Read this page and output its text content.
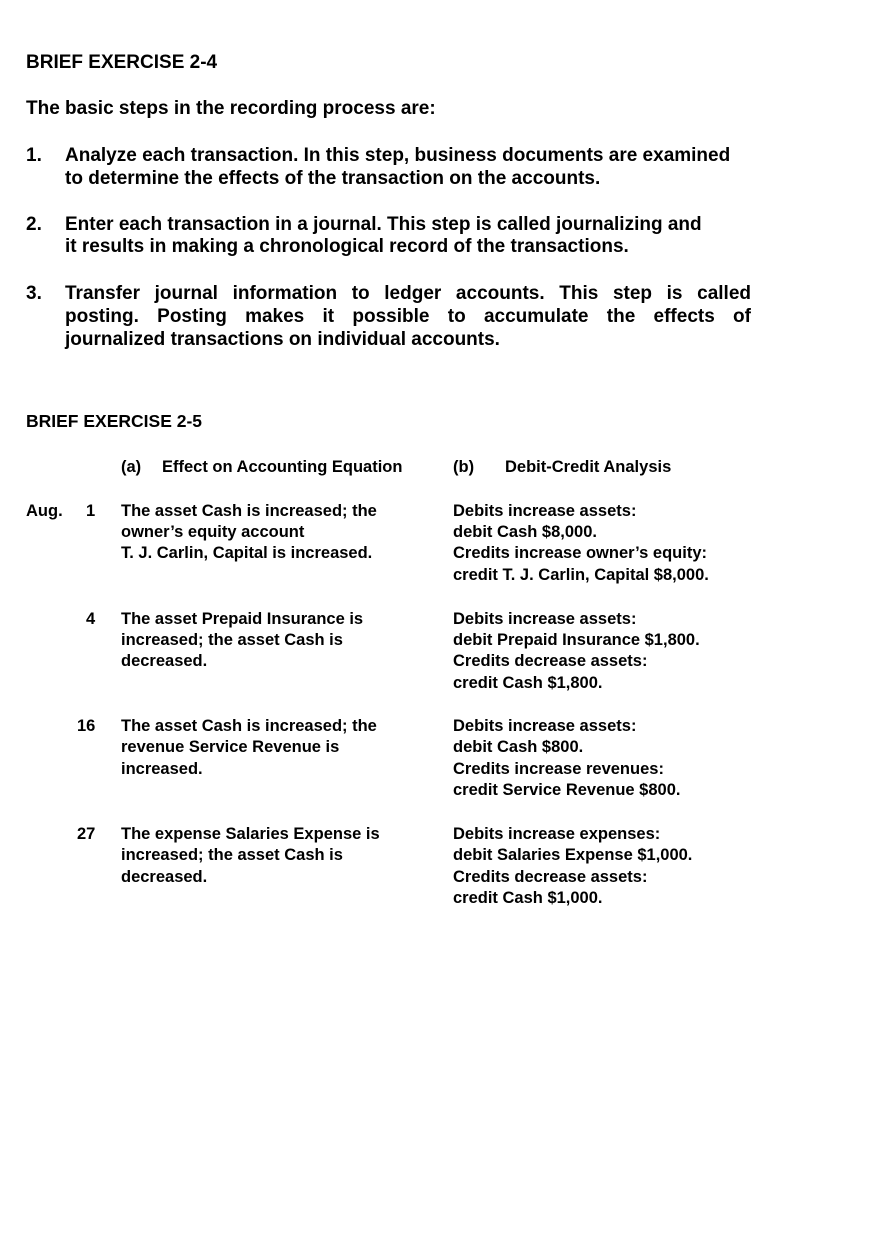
BRIEF EXERCISE 2-4
The basic steps in the recording process are:
1. Analyze each transaction. In this step, business documents are examined
to determine the effects of the transaction on the accounts.
2. Enter each transaction in a journal. This step is called journalizing and
it results in making a chronological record of the transactions.
3. Transfer journal information to ledger accounts. This step is called
posting. Posting makes it possible to accumulate the effects of
journalized transactions on individual accounts.
BRIEF EXERCISE 2-5
(a) Effect on Accounting Equation	(b) Debit-Credit Analysis
Aug. 1 The asset Cash is increased; the
owner’s equity account
T. J. Carlin, Capital is increased.
Debits increase assets:
debit Cash $8,000.
Credits increase owner’s equity:
credit T. J. Carlin, Capital $8,000.
4 The asset Prepaid Insurance is
increased; the asset Cash is
decreased.
Debits increase assets:
debit Prepaid Insurance $1,800.
Credits decrease assets:
credit Cash $1,800.
16 The asset Cash is increased; the
revenue Service Revenue is
increased.
Debits increase assets:
debit Cash $800.
Credits increase revenues:
credit Service Revenue $800.
27 The expense Salaries Expense is
increased; the asset Cash is
decreased.
Debits increase expenses:
debit Salaries Expense $1,000.
Credits decrease assets:
credit Cash $1,000.
